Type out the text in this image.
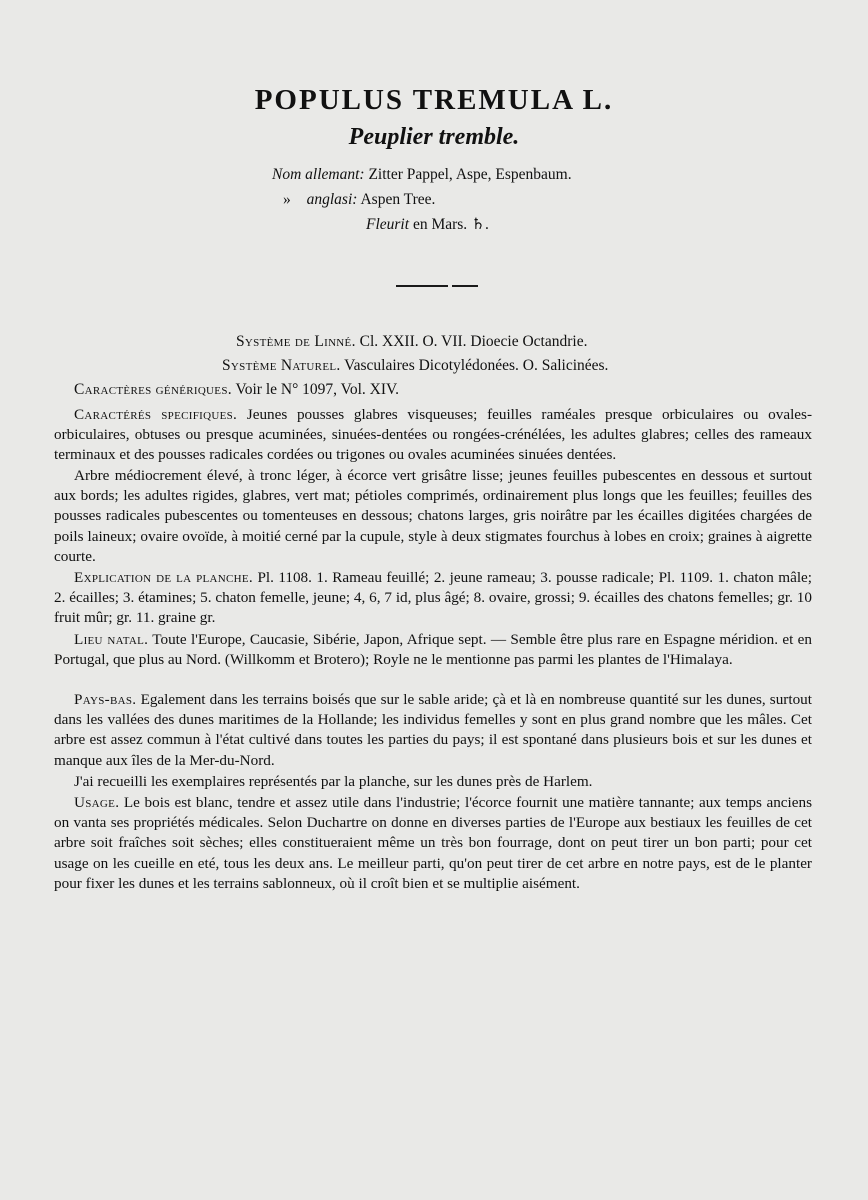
POPULUS TREMULA L.
Peuplier tremble.
Nom allemant: Zitter Pappel, Aspe, Espenbaum.
» anglasi: Aspen Tree.
Fleurit en Mars. ♄.
Système de Linné. Cl. XXII. O. VII. Dioecie Octandrie.
Système Naturel. Vasculaires Dicotylédonées. O. Salicinées.
Caractères génériques. Voir le N° 1097, Vol. XIV.
Caractérés specifiques. Jeunes pousses glabres visqueuses; feuilles raméales presque orbiculaires ou ovales-orbiculaires, obtuses ou presque acuminées, sinuées-dentées ou rongées-crénélées, les adultes glabres; celles des rameaux terminaux et des pousses radicales cordées ou trigones ou ovales acuminées sinuées dentées.
Arbre médiocrement élevé, à tronc léger, à écorce vert grisâtre lisse; jeunes feuilles pubescentes en dessous et surtout aux bords; les adultes rigides, glabres, vert mat; pétioles comprimés, ordinairement plus longs que les feuilles; feuilles des pousses radicales pubescentes ou tomenteuses en dessous; chatons larges, gris noirâtre par les écailles digitées chargées de poils laineux; ovaire ovoïde, à moitié cerné par la cupule, style à deux stigmates fourchus à lobes en croix; graines à aigrette courte.
Explication de la planche. Pl. 1108. 1. Rameau feuillé; 2. jeune rameau; 3. pousse radicale; Pl. 1109. 1. chaton mâle; 2. écailles; 3. étamines; 5. chaton femelle, jeune; 4, 6, 7 id, plus âgé; 8. ovaire, grossi; 9. écailles des chatons femelles; gr. 10 fruit mûr; gr. 11. graine gr.
Lieu natal. Toute l'Europe, Caucasie, Sibérie, Japon, Afrique sept. — Semble être plus rare en Espagne méridion. et en Portugal, que plus au Nord. (Willkomm et Brotero); Royle ne le mentionne pas parmi les plantes de l'Himalaya.
Pays-bas. Egalement dans les terrains boisés que sur le sable aride; çà et là en nombreuse quantité sur les dunes, surtout dans les vallées des dunes maritimes de la Hollande; les individus femelles y sont en plus grand nombre que les mâles. Cet arbre est assez commun à l'état cultivé dans toutes les parties du pays; il est spontané dans plusieurs bois et sur les dunes et manque aux îles de la Mer-du-Nord.
J'ai recueilli les exemplaires représentés par la planche, sur les dunes près de Harlem.
Usage. Le bois est blanc, tendre et assez utile dans l'industrie; l'écorce fournit une matière tannante; aux temps anciens on vanta ses propriétés médicales. Selon Duchartre on donne en diverses parties de l'Europe aux bestiaux les feuilles de cet arbre soit fraîches soit sèches; elles constitueraient même un très bon fourrage, dont on peut tirer un bon parti; pour cet usage on les cueille en eté, tous les deux ans. Le meilleur parti, qu'on peut tirer de cet arbre en notre pays, est de le planter pour fixer les dunes et les terrains sablonneux, où il croît bien et se multiplie aisément.
